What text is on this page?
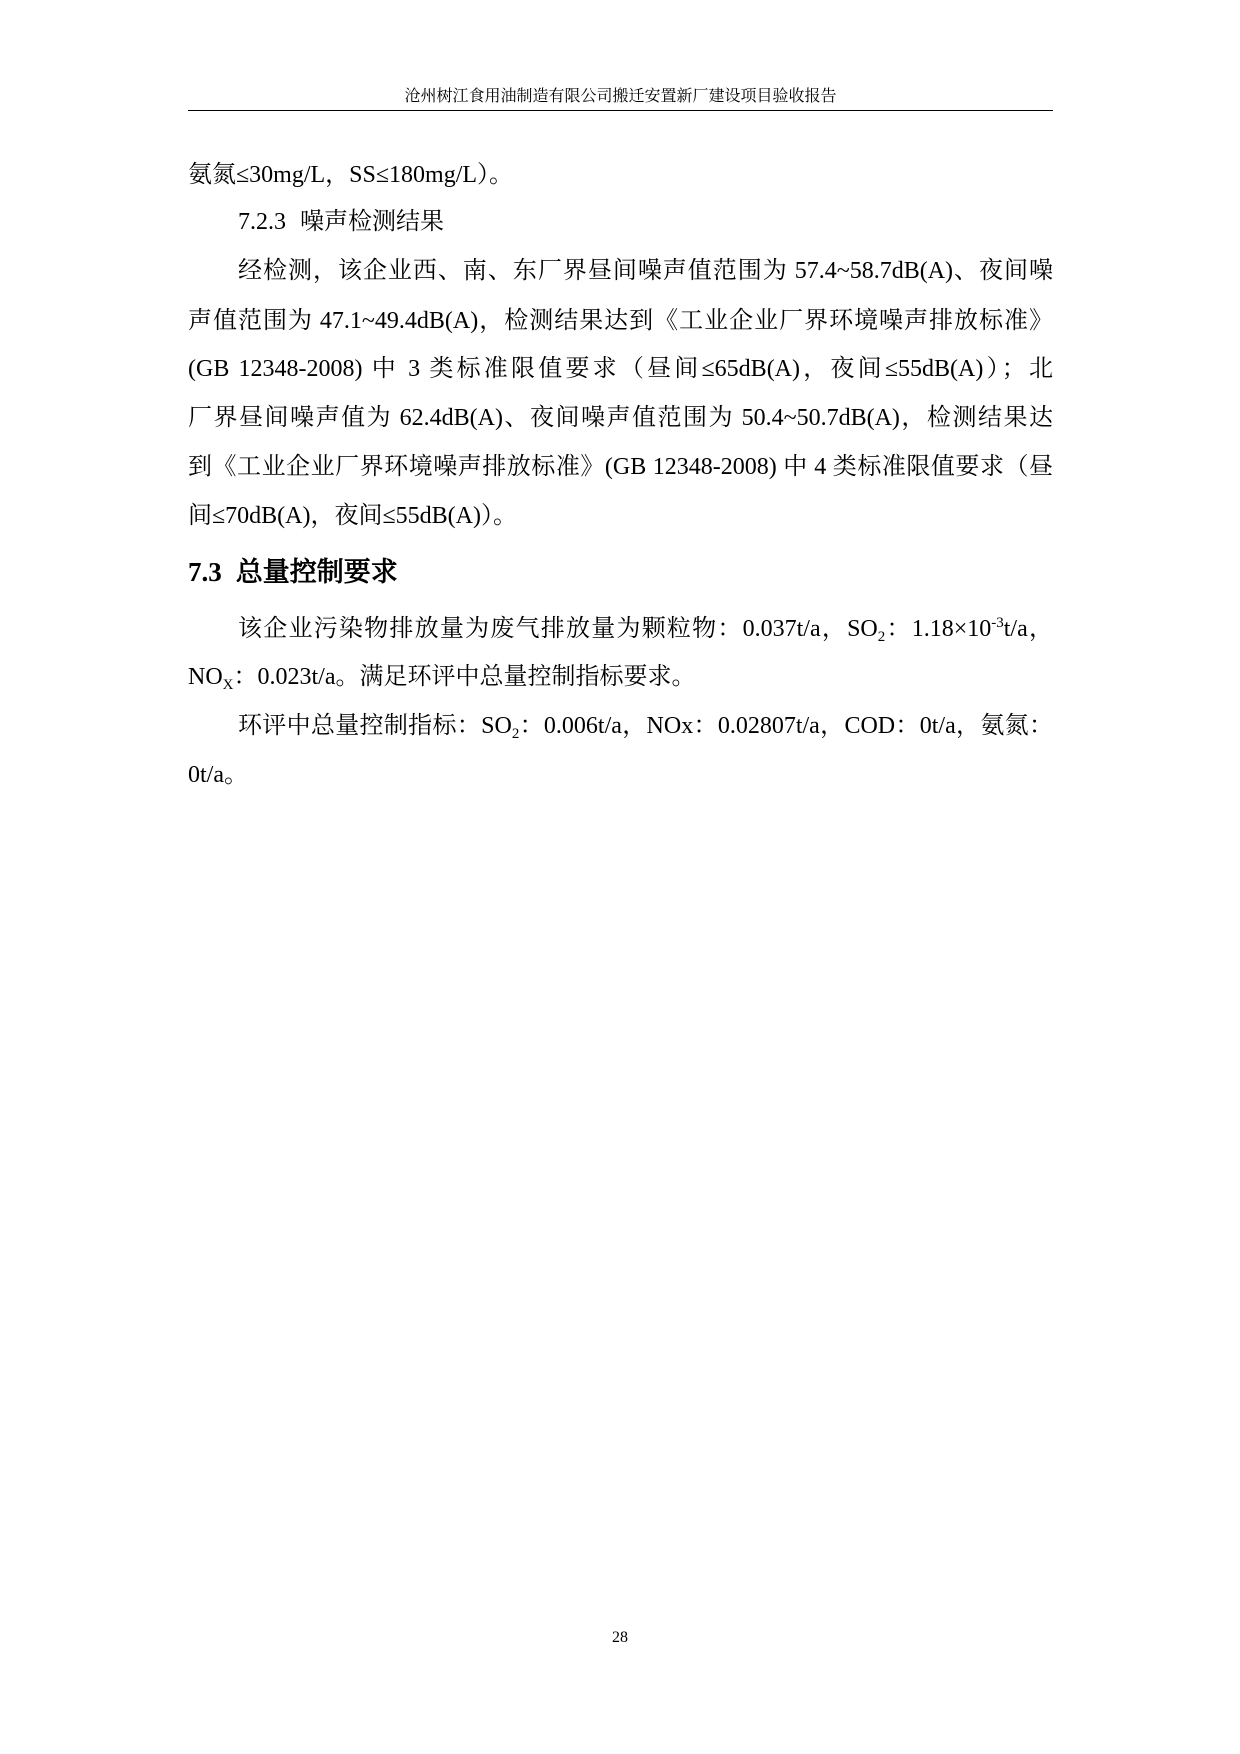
沧州树江食用油制造有限公司搬迁安置新厂建设项目验收报告
氨氮≤30mg/L，SS≤180mg/L）。
7.2.3 噪声检测结果
经检测，该企业西、南、东厂界昼间噪声值范围为 57.4~58.7dB(A)、夜间噪
声值范围为 47.1~49.4dB(A)，检测结果达到《工业企业厂界环境噪声排放标准》
(GB 12348-2008) 中 3 类标准限值要求（昼间≤65dB(A)，夜间≤55dB(A)）；北
厂界昼间噪声值为 62.4dB(A)、夜间噪声值范围为 50.4~50.7dB(A)，检测结果达
到《工业企业厂界环境噪声排放标准》(GB 12348-2008) 中 4 类标准限值要求（昼
间≤70dB(A)，夜间≤55dB(A)）。
7.3 总量控制要求
该企业污染物排放量为废气排放量为颗粒物：0.037t/a，$SO_2$：$1.18\times 10^{-3}t/a$，
$NO_X$：0.023t/a。满足环评中总量控制指标要求。
环评中总量控制指标：$SO_2$：0.006t/a，NOx：0.02807t/a，COD：0t/a，氨氮：
0t/a。
28
